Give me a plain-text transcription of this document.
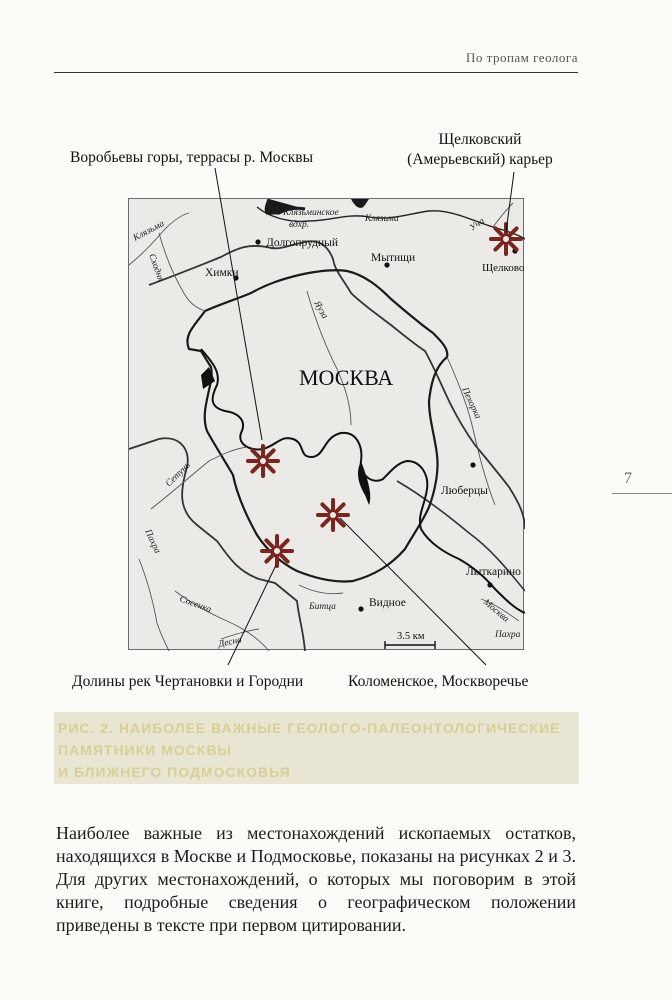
По тропам геолога
7
Воробьевы горы, террасы р. Москвы
Щелковский
(Амерьевский) карьер
Долгопрудный
Химки
Мытищи
Щелково
Люберцы
Лыткарино
Видное
МОСКВА
Клязьминское
вдхр.
Клязьма
Клязьма	Уча
Сходня
Яуза
Пехорка
Сетунь
Пахра
Сосенка
Десна
Битца	Москва
Пахра
3.5 км
Долины рек Чертановки и Городни	Коломенское, Москворечье
РИС. 2. НАИБОЛЕЕ ВАЖНЫЕ ГЕОЛОГО-ПАЛЕОНТОЛОГИЧЕСКИЕ ПАМЯТНИКИ МОСКВЫ
И БЛИЖНЕГО ПОДМОСКОВЬЯ
Наиболее важные из местонахождений ископаемых остатков, находящихся в Москве и Подмосковье, показаны на рисунках 2 и 3. Для других местонахождений, о которых мы поговорим в этой книге, подробные сведения о географическом положении приведены в тексте при первом цитировании.
